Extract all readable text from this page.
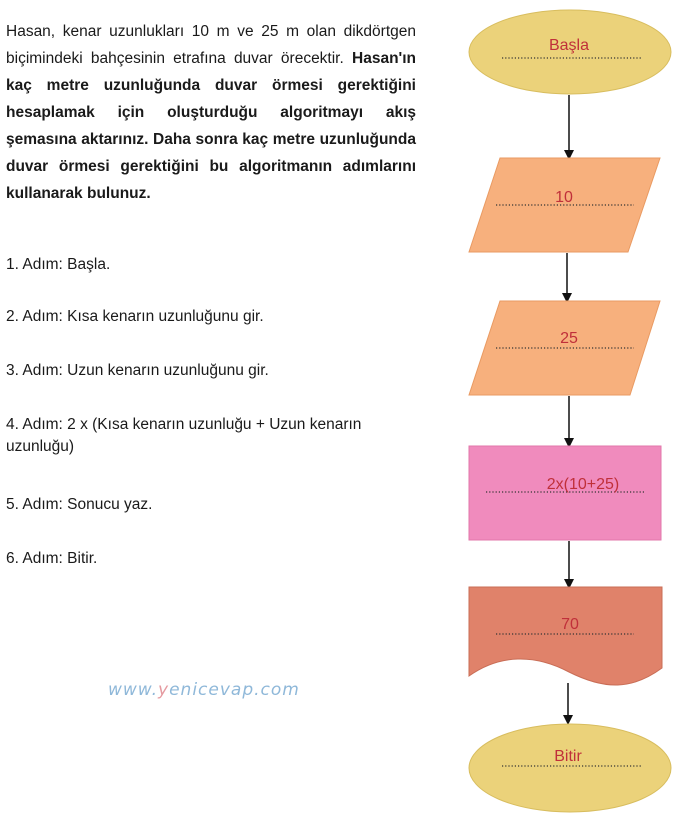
Hasan, kenar uzunlukları 10 m ve 25 m olan dikdörtgen biçimindeki bahçesinin etrafına duvar örecektir. Hasan'ın kaç metre uzunluğunda duvar örmesi gerektiğini hesaplamak için oluşturduğu algoritmayı akış şemasına aktarınız. Daha sonra kaç metre uzunluğunda duvar örmesi gerektiğini bu algoritmanın adımlarını kullanarak bulunuz.
1. Adım: Başla.
2. Adım: Kısa kenarın uzunluğunu gir.
3. Adım: Uzun kenarın uzunluğunu gir.
4. Adım: 2 x (Kısa kenarın uzunluğu + Uzun kenarın uzunluğu)
5. Adım: Sonucu yaz.
6. Adım: Bitir.
www.yenicevap.com
Başla
10
25
2x(10+25)
70
Bitir
